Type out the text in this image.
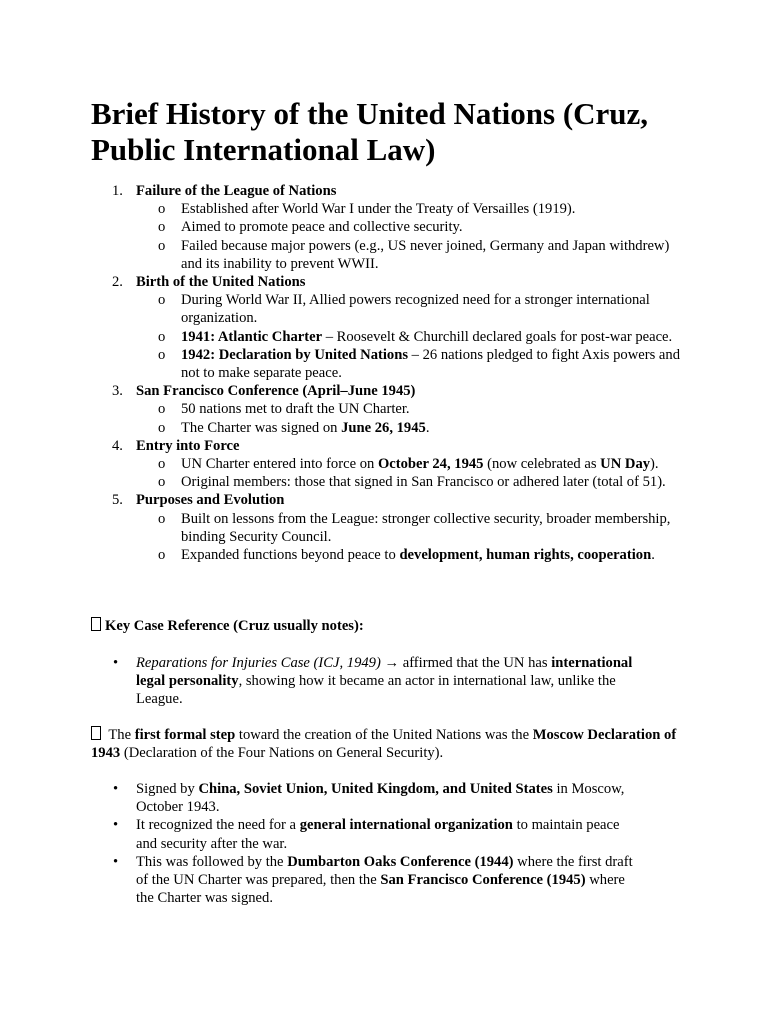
Brief History of the United Nations (Cruz, Public International Law)
1. Failure of the League of Nations
o Established after World War I under the Treaty of Versailles (1919).
o Aimed to promote peace and collective security.
o Failed because major powers (e.g., US never joined, Germany and Japan withdrew) and its inability to prevent WWII.
2. Birth of the United Nations
o During World War II, Allied powers recognized need for a stronger international organization.
o 1941: Atlantic Charter – Roosevelt & Churchill declared goals for post-war peace.
o 1942: Declaration by United Nations – 26 nations pledged to fight Axis powers and not to make separate peace.
3. San Francisco Conference (April–June 1945)
o 50 nations met to draft the UN Charter.
o The Charter was signed on June 26, 1945.
4. Entry into Force
o UN Charter entered into force on October 24, 1945 (now celebrated as UN Day).
o Original members: those that signed in San Francisco or adhered later (total of 51).
5. Purposes and Evolution
o Built on lessons from the League: stronger collective security, broader membership, binding Security Council.
o Expanded functions beyond peace to development, human rights, cooperation.

Key Case Reference (Cruz usually notes):

• Reparations for Injuries Case (ICJ, 1949) → affirmed that the UN has international legal personality, showing how it became an actor in international law, unlike the League.

The first formal step toward the creation of the United Nations was the Moscow Declaration of 1943 (Declaration of the Four Nations on General Security).

• Signed by China, Soviet Union, United Kingdom, and United States in Moscow, October 1943.
• It recognized the need for a general international organization to maintain peace and security after the war.
• This was followed by the Dumbarton Oaks Conference (1944) where the first draft of the UN Charter was prepared, then the San Francisco Conference (1945) where the Charter was signed.
